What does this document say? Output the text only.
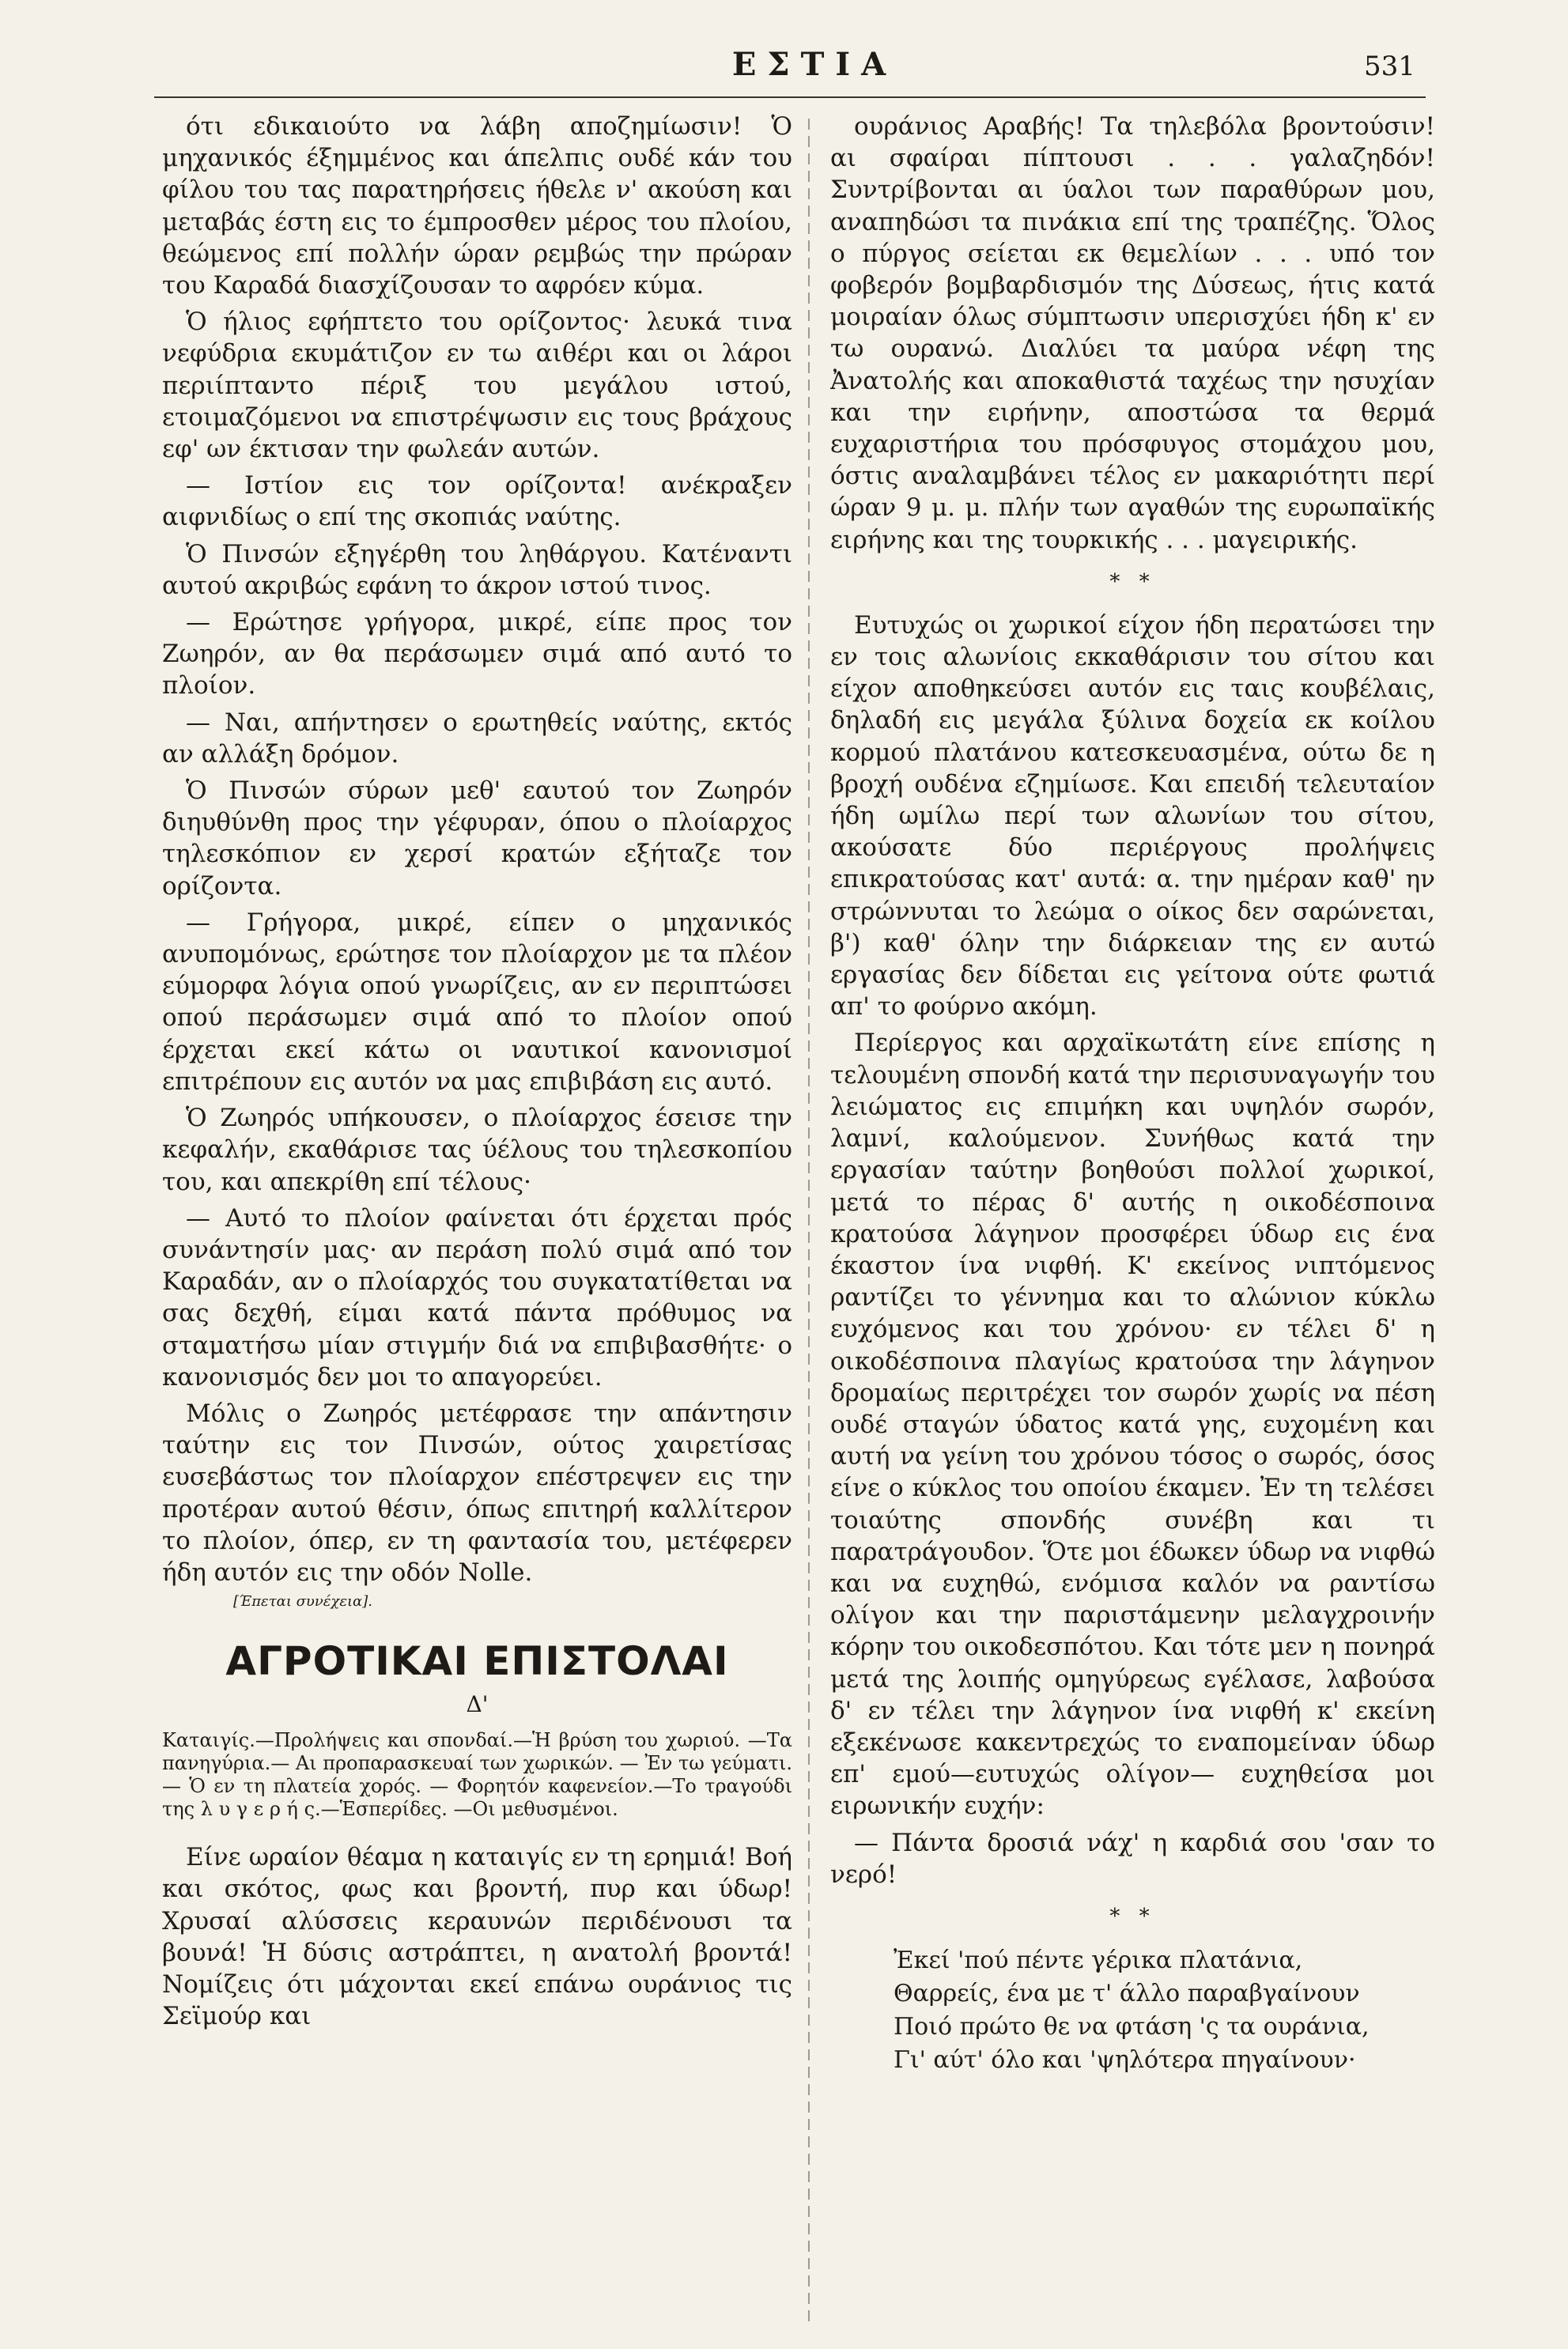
ΕΣΤΙΑ	531

ότι εδικαιούτο να λάβη αποζημίωσιν! Ὁ μηχανικός έξημμένος και άπελπις ουδέ κάν του φίλου του τας παρατηρήσεις ήθελε ν' ακούση και μεταβάς έστη εις το έμπροσθεν μέρος του πλοίου, θεώμενος επί πολλήν ώραν ρεμβώς την πρώραν του Καραδά διασχίζουσαν το αφρόεν κύμα.

Ὁ ήλιος εφήπτετο του ορίζοντος· λευκά τινα νεφύδρια εκυμάτιζον εν τω αιθέρι και οι λάροι περιίπταντο πέριξ του μεγάλου ιστού, ετοιμαζόμενοι να επιστρέψωσιν εις τους βράχους εφ' ων έκτισαν την φωλεάν αυτών.

— Ιστίον εις τον ορίζοντα! ανέκραξεν αιφνιδίως ο επί της σκοπιάς ναύτης.

Ὁ Πινσών εξηγέρθη του ληθάργου. Κατέναντι αυτού ακριβώς εφάνη το άκρον ιστού τινος.

— Ερώτησε γρήγορα, μικρέ, είπε προς τον Ζωηρόν, αν θα περάσωμεν σιμά από αυτό το πλοίον.

— Ναι, απήντησεν ο ερωτηθείς ναύτης, εκτός αν αλλάξη δρόμον.

Ὁ Πινσών σύρων μεθ' εαυτού τον Ζωηρόν διηυθύνθη προς την γέφυραν, όπου ο πλοίαρχος τηλεσκόπιον εν χερσί κρατών εξήταζε τον ορίζοντα.

— Γρήγορα, μικρέ, είπεν ο μηχανικός ανυπομόνως, ερώτησε τον πλοίαρχον με τα πλέον εύμορφα λόγια οπού γνωρίζεις, αν εν περιπτώσει οπού περάσωμεν σιμά από το πλοίον οπού έρχεται εκεί κάτω οι ναυτικοί κανονισμοί επιτρέπουν εις αυτόν να μας επιβιβάση εις αυτό.

Ὁ Ζωηρός υπήκουσεν, ο πλοίαρχος έσεισε την κεφαλήν, εκαθάρισε τας ύέλους του τηλεσκοπίου του, και απεκρίθη επί τέλους·

— Αυτό το πλοίον φαίνεται ότι έρχεται πρός συνάντησίν μας· αν περάση πολύ σιμά από τον Καραδάν, αν ο πλοίαρχός του συγκατατίθεται να σας δεχθή, είμαι κατά πάντα πρόθυμος να σταματήσω μίαν στιγμήν διά να επιβιβασθήτε· ο κανονισμός δεν μοι το απαγορεύει.

Μόλις ο Ζωηρός μετέφρασε την απάντησιν ταύτην εις τον Πινσών, ούτος χαιρετίσας ευσεβάστως τον πλοίαρχον επέστρεψεν εις την προτέραν αυτού θέσιν, όπως επιτηρή καλλίτερον το πλοίον, όπερ, εν τη φαντασία του, μετέφερεν ήδη αυτόν εις την οδόν Nolle.

[Έπεται συνέχεια].

ΑΓΡΟΤΙΚΑΙ ΕΠΙΣΤΟΛΑΙ
Δ'

Καταιγίς.—Προλήψεις και σπονδαί.—Ἡ βρύση του χωριού. —Τα πανηγύρια.— Αι προπαρασκευαί των χωρικών. — Ἐν τω γεύματι. — Ὁ εν τη πλατεία χορός. — Φορητόν καφενείον.—Το τραγούδι της λ υ γ ε ρ ή ς.—Ἑσπερίδες. —Οι μεθυσμένοι.

Είνε ωραίον θέαμα η καταιγίς εν τη ερημιά! Βοή και σκότος, φως και βροντή, πυρ και ύδωρ! Χρυσαί αλύσσεις κεραυνών περιδένουσι τα βουνά! Ἡ δύσις αστράπτει, η ανατολή βροντά! Νομίζεις ότι μάχονται εκεί επάνω ουράνιος τις Σεϊμούρ και

ουράνιος Αραβής! Τα τηλεβόλα βροντούσιν! αι σφαίραι πίπτουσι . . . γαλαζηδόν! Συντρίβονται αι ύαλοι των παραθύρων μου, αναπηδώσι τα πινάκια επί της τραπέζης. Ὅλος ο πύργος σείεται εκ θεμελίων . . . υπό τον φοβερόν βομβαρδισμόν της Δύσεως, ήτις κατά μοιραίαν όλως σύμπτωσιν υπερισχύει ήδη κ' εν τω ουρανώ. Διαλύει τα μαύρα νέφη της Ἀνατολής και αποκαθιστά ταχέως την ησυχίαν και την ειρήνην, αποστώσα τα θερμά ευχαριστήρια του πρόσφυγος στομάχου μου, όστις αναλαμβάνει τέλος εν μακαριότητι περί ώραν 9 μ. μ. πλήν των αγαθών της ευρωπαϊκής ειρήνης και της τουρκικής . . . μαγειρικής.

* *

Ευτυχώς οι χωρικοί είχον ήδη περατώσει την εν τοις αλωνίοις εκκαθάρισιν του σίτου και είχον αποθηκεύσει αυτόν εις ταις κουβέλαις, δηλαδή εις μεγάλα ξύλινα δοχεία εκ κοίλου κορμού πλατάνου κατεσκευασμένα, ούτω δε η βροχή ουδένα εζημίωσε. Και επειδή τελευταίον ήδη ωμίλω περί των αλωνίων του σίτου, ακούσατε δύο περιέργους προλήψεις επικρατούσας κατ' αυτά: α. την ημέραν καθ' ην στρώννυται το λεώμα ο οίκος δεν σαρώνεται, β') καθ' όλην την διάρκειαν της εν αυτώ εργασίας δεν δίδεται εις γείτονα ούτε φωτιά απ' το φούρνο ακόμη.

Περίεργος και αρχαϊκωτάτη είνε επίσης η τελουμένη σπονδή κατά την περισυναγωγήν του λειώματος εις επιμήκη και υψηλόν σωρόν, λαμνί, καλούμενον. Συνήθως κατά την εργασίαν ταύτην βοηθούσι πολλοί χωρικοί, μετά το πέρας δ' αυτής η οικοδέσποινα κρατούσα λάγηνον προσφέρει ύδωρ εις ένα έκαστον ίνα νιφθή. Κ' εκείνος νιπτόμενος ραντίζει το γέννημα και το αλώνιον κύκλω ευχόμενος και του χρόνου· εν τέλει δ' η οικοδέσποινα πλαγίως κρατούσα την λάγηνον δρομαίως περιτρέχει τον σωρόν χωρίς να πέση ουδέ σταγών ύδατος κατά γης, ευχομένη και αυτή να γείνη του χρόνου τόσος ο σωρός, όσος είνε ο κύκλος του οποίου έκαμεν. Ἐν τη τελέσει τοιαύτης σπονδής συνέβη και τι παρατράγουδον. Ὅτε μοι έδωκεν ύδωρ να νιφθώ και να ευχηθώ, ενόμισα καλόν να ραντίσω ολίγον και την παριστάμενην μελαγχροινήν κόρην του οικοδεσπότου. Και τότε μεν η πονηρά μετά της λοιπής ομηγύρεως εγέλασε, λαβούσα δ' εν τέλει την λάγηνον ίνα νιφθή κ' εκείνη εξεκένωσε κακεντρεχώς το εναπομείναν ύδωρ επ' εμού—ευτυχώς ολίγον— ευχηθείσα μοι ειρωνικήν ευχήν:

— Πάντα δροσιά νάχ' η καρδιά σου 'σαν το νερό!

* *
Ἐκεί 'πού πέντε γέρικα πλατάνια,
Θαρρείς, ένα με τ' άλλο παραβγαίνουν
Ποιό πρώτο θε να φτάση 'ς τα ουράνια,
Γι' αύτ' όλο και 'ψηλότερα πηγαίνουν·
